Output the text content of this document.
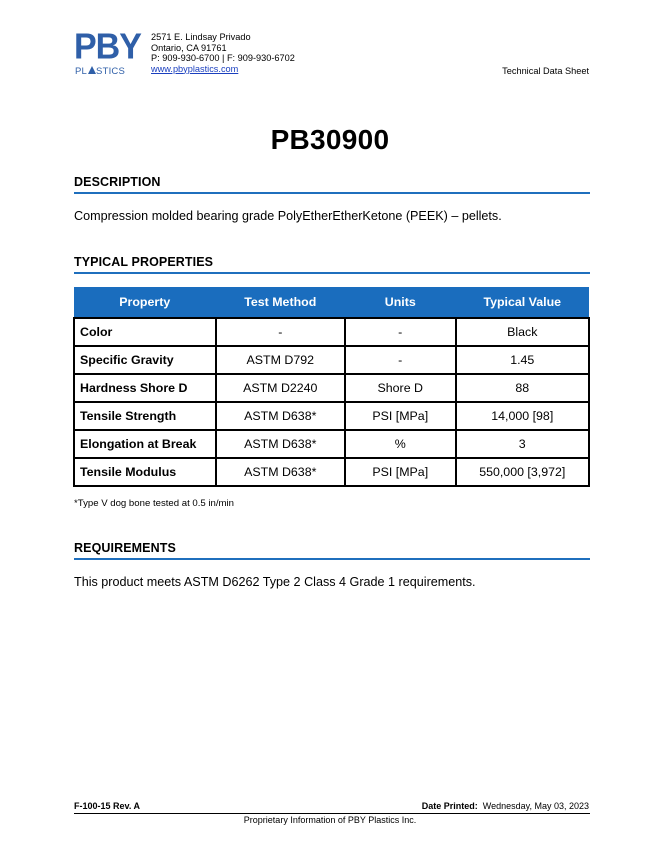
PBY
PL STICS
2571 E. Lindsay Privado
Ontario, CA 91761
P: 909-930-6700 | F: 909-930-6702
www.pbyplastics.com	Technical Data Sheet
PB30900
DESCRIPTION
Compression molded bearing grade PolyEtherEtherKetone (PEEK) – pellets.
TYPICAL PROPERTIES
Property	Test Method	Units	Typical Value
Color	-	-	Black
Specific Gravity	ASTM D792	-	1.45
Hardness Shore D	ASTM D2240	Shore D	88
Tensile Strength	ASTM D638*	PSI [MPa]	14,000 [98]
Elongation at Break	ASTM D638*	%	3
Tensile Modulus	ASTM D638*	PSI [MPa]	550,000 [3,972]
*Type V dog bone tested at 0.5 in/min
REQUIREMENTS
This product meets ASTM D6262 Type 2 Class 4 Grade 1 requirements.
F-100-15 Rev. A	Date Printed: Wednesday, May 03, 2023
Proprietary Information of PBY Plastics Inc.
